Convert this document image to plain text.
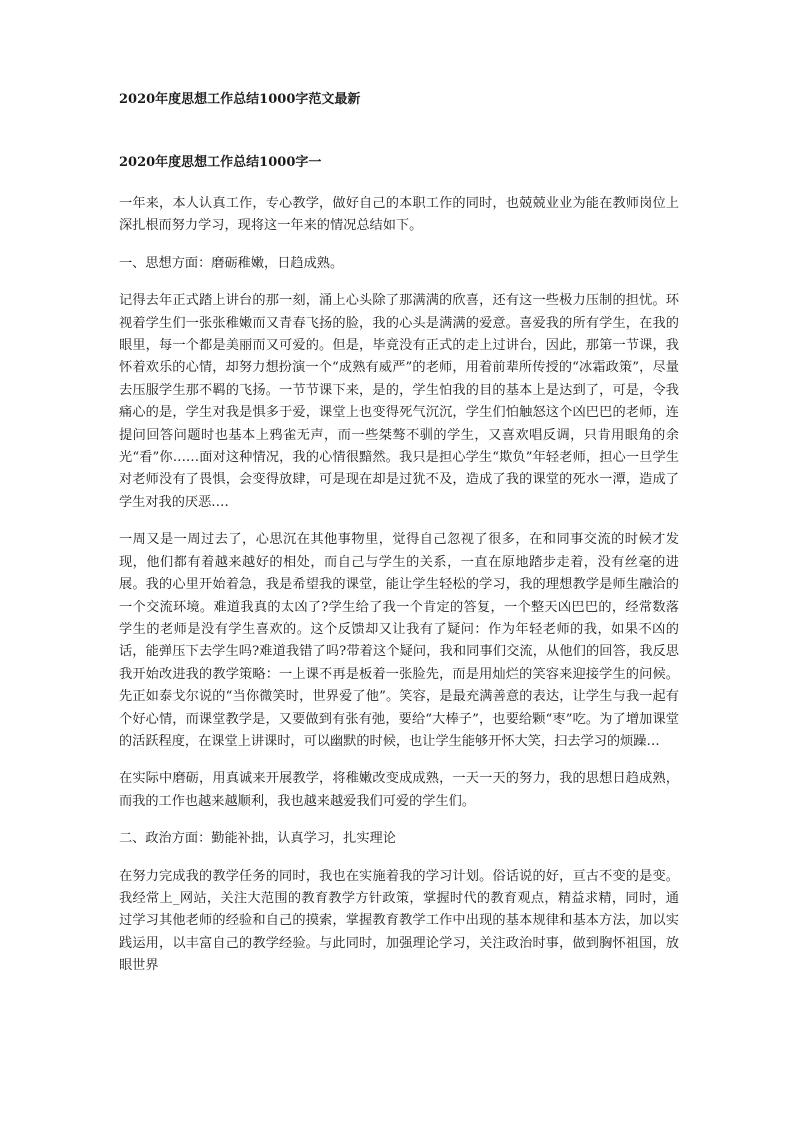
2020年度思想工作总结1000字范文最新

2020年度思想工作总结1000字一

一年来，本人认真工作，专心教学，做好自己的本职工作的同时，也兢兢业业为能在教师岗位上深扎根而努力学习，现将这一年来的情况总结如下。

一、思想方面：磨砺稚嫩，日趋成熟。

记得去年正式踏上讲台的那一刻，涌上心头除了那满满的欣喜，还有这一些极力压制的担忧。环视着学生们一张张稚嫩而又青春飞扬的脸，我的心头是满满的爱意。喜爱我的所有学生，在我的眼里，每一个都是美丽而又可爱的。但是，毕竟没有正式的走上过讲台，因此，那第一节课，我怀着欢乐的心情，却努力想扮演一个“成熟有威严”的老师，用着前辈所传授的“冰霜政策”，尽量去压服学生那不羁的飞扬。一节节课下来，是的，学生怕我的目的基本上是达到了，可是，令我痛心的是，学生对我是惧多于爱，课堂上也变得死气沉沉，学生们怕触怒这个凶巴巴的老师，连提问回答问题时也基本上鸦雀无声，而一些桀骜不驯的学生，又喜欢唱反调，只肯用眼角的余光“看”你……面对这种情况，我的心情很黯然。我只是担心学生“欺负”年轻老师，担心一旦学生对老师没有了畏惧，会变得放肆，可是现在却是过犹不及，造成了我的课堂的死水一潭，造成了学生对我的厌恶….

一周又是一周过去了，心思沉在其他事物里，觉得自己忽视了很多，在和同事交流的时候才发现，他们都有着越来越好的相处，而自己与学生的关系，一直在原地踏步走着，没有丝毫的进展。我的心里开始着急，我是希望我的课堂，能让学生轻松的学习，我的理想教学是师生融洽的一个交流环境。难道我真的太凶了?学生给了我一个肯定的答复，一个整天凶巴巴的，经常数落学生的老师是没有学生喜欢的。这个反馈却又让我有了疑问：作为年轻老师的我，如果不凶的话，能弹压下去学生吗?难道我错了吗?带着这个疑问，我和同事们交流，从他们的回答，我反思我开始改进我的教学策略：一上课不再是板着一张脸先，而是用灿烂的笑容来迎接学生的问候。先正如泰戈尔说的“当你微笑时，世界爱了他”。笑容，是最充满善意的表达，让学生与我一起有个好心情，而课堂教学是，又要做到有张有弛，要给“大棒子”，也要给颗“枣”吃。为了增加课堂的活跃程度，在课堂上讲课时，可以幽默的时候，也让学生能够开怀大笑，扫去学习的烦躁…

在实际中磨砺，用真诚来开展教学，将稚嫩改变成成熟，一天一天的努力，我的思想日趋成熟，而我的工作也越来越顺利，我也越来越爱我们可爱的学生们。

二、政治方面：勤能补拙，认真学习，扎实理论

在努力完成我的教学任务的同时，我也在实施着我的学习计划。俗话说的好，亘古不变的是变。我经常上_网站，关注大范围的教育教学方针政策，掌握时代的教育观点，精益求精，同时，通过学习其他老师的经验和自己的摸索，掌握教育教学工作中出现的基本规律和基本方法，加以实践运用，以丰富自己的教学经验。与此同时，加强理论学习，关注政治时事，做到胸怀祖国，放眼世界
